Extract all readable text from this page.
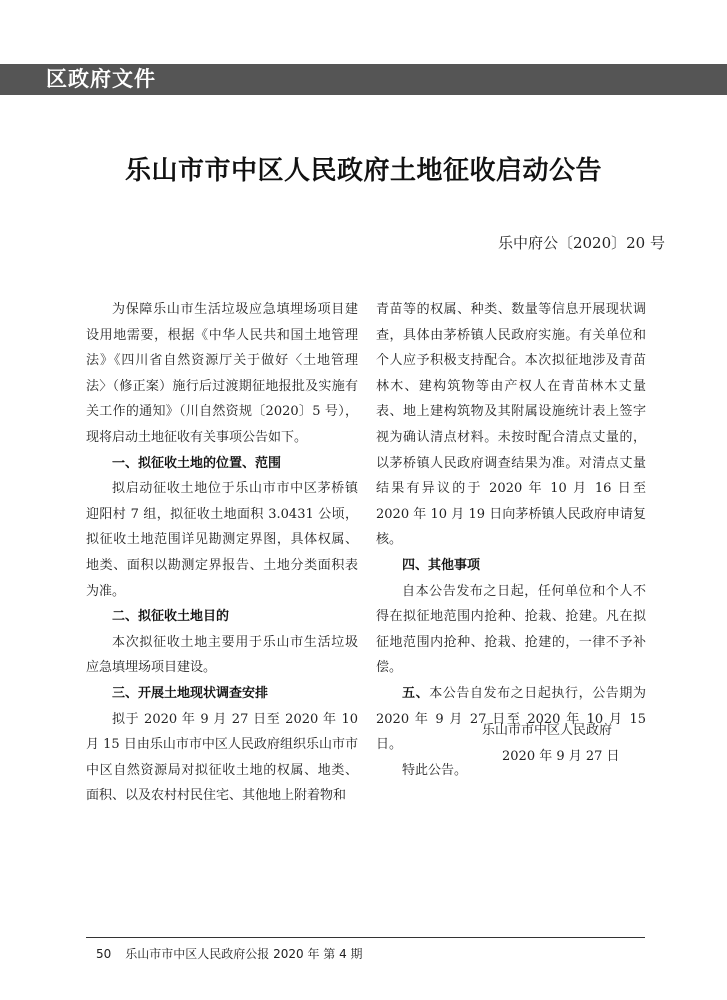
区政府文件
乐山市市中区人民政府土地征收启动公告
乐中府公〔2020〕20 号

为保障乐山市生活垃圾应急填埋场项目建设用地需要，根据《中华人民共和国土地管理法》《四川省自然资源厅关于做好〈土地管理法〉（修正案）施行后过渡期征地报批及实施有关工作的通知》（川自然资规〔2020〕5 号），现将启动土地征收有关事项公告如下。

一、拟征收土地的位置、范围

拟启动征收土地位于乐山市市中区茅桥镇迎阳村 7 组，拟征收土地面积 3.0431 公顷，拟征收土地范围详见勘测定界图，具体权属、地类、面积以勘测定界报告、土地分类面积表为准。

二、拟征收土地目的

本次拟征收土地主要用于乐山市生活垃圾应急填埋场项目建设。

三、开展土地现状调查安排

拟于 2020 年 9 月 27 日至 2020 年 10 月 15 日由乐山市市中区人民政府组织乐山市市中区自然资源局对拟征收土地的权属、地类、面积、以及农村村民住宅、其他地上附着物和

青苗等的权属、种类、数量等信息开展现状调查，具体由茅桥镇人民政府实施。有关单位和个人应予积极支持配合。本次拟征地涉及青苗林木、建构筑物等由产权人在青苗林木丈量表、地上建构筑物及其附属设施统计表上签字视为确认清点材料。未按时配合清点丈量的，以茅桥镇人民政府调查结果为准。对清点丈量结果有异议的于 2020 年 10 月 16 日至 2020 年 10 月 19 日向茅桥镇人民政府申请复核。

四、其他事项

自本公告发布之日起，任何单位和个人不得在拟征地范围内抢种、抢栽、抢建。凡在拟征地范围内抢种、抢栽、抢建的，一律不予补偿。

五、本公告自发布之日起执行，公告期为 2020 年 9 月 27 日至 2020 年 10 月 15 日。

特此公告。

乐山市市中区人民政府
2020 年 9 月 27 日
50 乐山市市中区人民政府公报 2020 年 第 4 期
